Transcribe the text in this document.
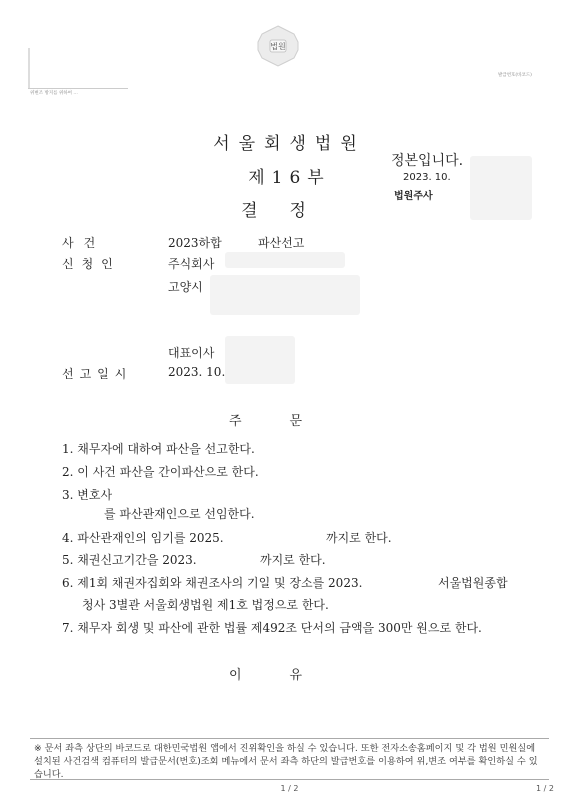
위변조 방지를 위하여 …
발급번호(바코드)
법원
서울회생법원
제16부
결정
정본입니다.
2023. 10.
법원주사
사건	2023하합	파산선고
신청인	주식회사
고양시
대표이사
선고일시	2023. 10.
주문
1. 채무자에 대하여 파산을 선고한다.
2. 이 사건 파산을 간이파산으로 한다.
3. 변호사
를 파산관재인으로 선임한다.
4. 파산관재인의 임기를 2025.	까지로 한다.
5. 채권신고기간을 2023.	까지로 한다.
6. 제1회 채권자집회와 채권조사의 기일 및 장소를 2023.	서울법원종합
청사 3별관 서울회생법원 제1호 법정으로 한다.
7. 채무자 회생 및 파산에 관한 법률 제492조 단서의 금액을 300만 원으로 한다.
이유
※ 문서 좌측 상단의 바코드로 대한민국법원 앱에서 진위확인을 하실 수 있습니다. 또한 전자소송홈페이지 및 각 법원 민원실에 설치된 사건검색 컴퓨터의 발급문서(번호)조회 메뉴에서 문서 좌측 하단의 발급번호를 이용하여 위,변조 여부를 확인하실 수 있습니다.
1 / 2	1 / 2
